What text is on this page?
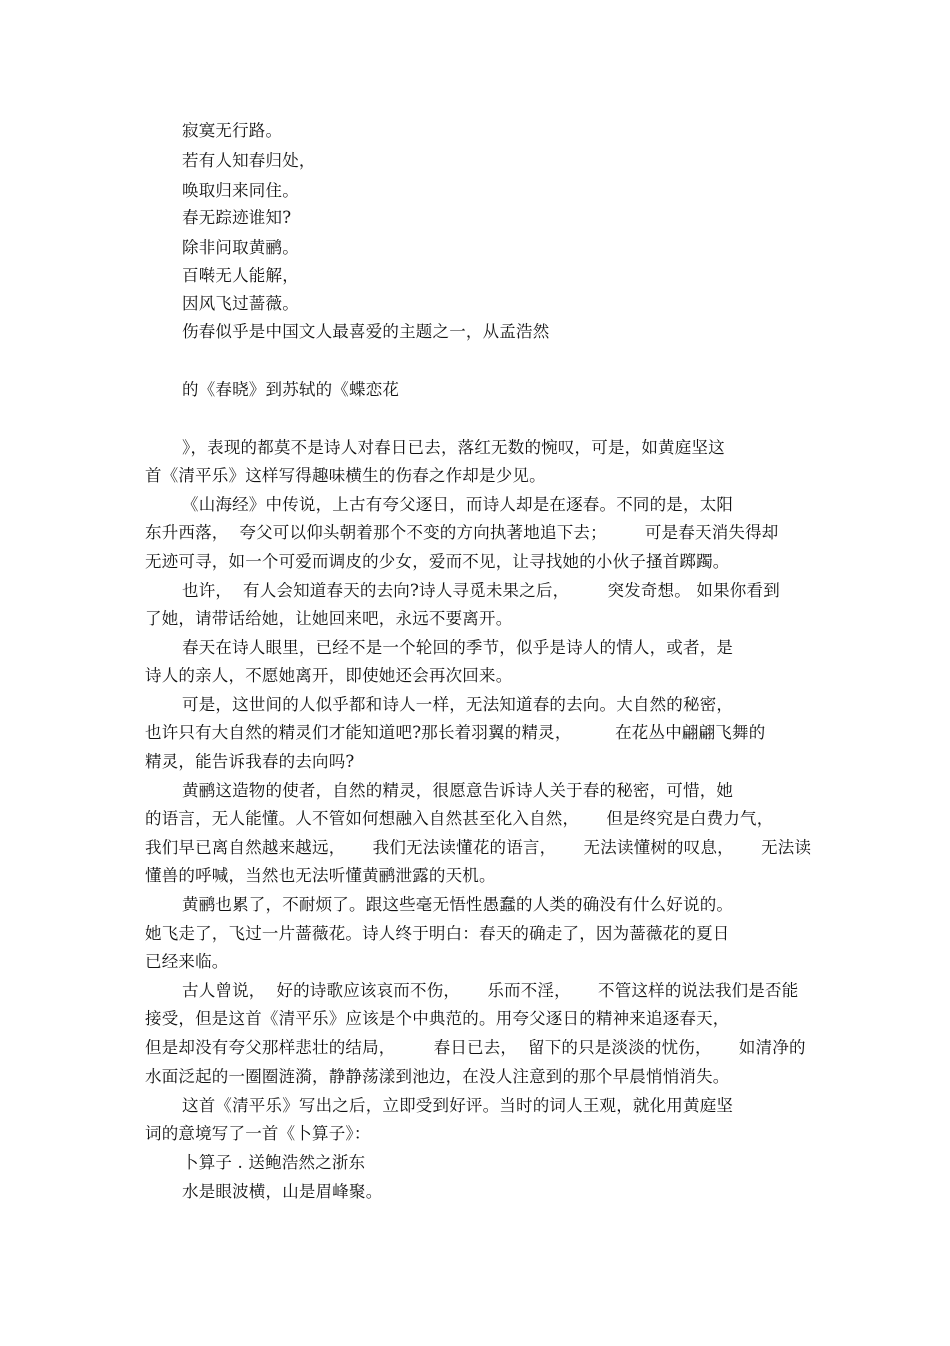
寂寞无行路。
若有人知春归处，
唤取归来同住。
春无踪迹谁知?
除非问取黄鹂。
百啭无人能解，
因风飞过蔷薇。
伤春似乎是中国文人最喜爱的主题之一，从孟浩然
的《春晓》到苏轼的《蝶恋花
》，表现的都莫不是诗人对春日已去，落红无数的惋叹，可是，如黄庭坚这
首《清平乐》这样写得趣味横生的伤春之作却是少见。
《山海经》中传说，上古有夸父逐日，而诗人却是在逐春。不同的是，太阳
东升西落，  夸父可以仰头朝着那个不变的方向执著地追下去；       可是春天消失得却
无迹可寻，如一个可爱而调皮的少女，爱而不见，让寻找她的小伙子搔首踯躅。
也许，  有人会知道春天的去向?诗人寻觅未果之后，       突发奇想。 如果你看到
了她，请带话给她，让她回来吧，永远不要离开。
春天在诗人眼里，已经不是一个轮回的季节，似乎是诗人的情人，或者，是
诗人的亲人，不愿她离开，即使她还会再次回来。
可是，这世间的人似乎都和诗人一样，无法知道春的去向。大自然的秘密，
也许只有大自然的精灵们才能知道吧?那长着羽翼的精灵，        在花丛中翩翩飞舞的
精灵，能告诉我春的去向吗?
黄鹂这造物的使者，自然的精灵，很愿意告诉诗人关于春的秘密，可惜，她
的语言，无人能懂。人不管如何想融入自然甚至化入自然，     但是终究是白费力气，
我们早已离自然越来越远，     我们无法读懂花的语言，     无法读懂树的叹息，     无法读
懂兽的呼喊，当然也无法听懂黄鹂泄露的天机。
黄鹂也累了，不耐烦了。跟这些毫无悟性愚蠢的人类的确没有什么好说的。
她飞走了，飞过一片蔷薇花。诗人终于明白：春天的确走了，因为蔷薇花的夏日
已经来临。
古人曾说，  好的诗歌应该哀而不伤，     乐而不淫，     不管这样的说法我们是否能
接受，但是这首《清平乐》应该是个中典范的。用夸父逐日的精神来追逐春天，
但是却没有夸父那样悲壮的结局，       春日已去，  留下的只是淡淡的忧伤，     如清净的
水面泛起的一圈圈涟漪，静静荡漾到池边，在没人注意到的那个早晨悄悄消失。
这首《清平乐》写出之后，立即受到好评。当时的词人王观，就化用黄庭坚
词的意境写了一首《卜算子》：
卜算子 . 送鲍浩然之浙东
水是眼波横，山是眉峰聚。
